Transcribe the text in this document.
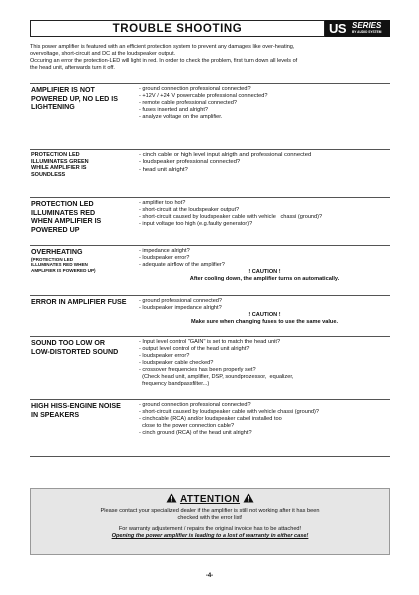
TROUBLE SHOOTING	US SERIES
BY AUDIO SYSTEM

This power amplifier is featured with an efficient protection system to prevent any damages like over-heating,

overvoltage, short-circuit and DC at the loudspeaker output.

Occuring an error the protection-LED will light in red. In order to check the problem, first turn down all levels of

the head unit, afterwards turn it off.

AMPLIFIER IS NOT
POWERED UP, NO LED IS
LIGHTENING
- ground connection professional connected?
- +12V / +24 V powercable professional connected?
- remote cable professional connected?
- fuses inserted and alright?
- analyze voltage on the amplifier.
PROTECTION LED
ILLUMINATES GREEN
WHILE AMPLIFIER IS
SOUNDLESS
- cinch cable or high level input alrigth and professional connected
- loudspeaker professional connected?
- head unit alright?
PROTECTION LED
ILLUMINATES RED
WHEN AMPLIFIER IS
POWERED UP
- amplifier too hot?
- short-circuit at the loudspeaker output?
- short-circuit caused by loudspeaker cable with vehicle   chassi (ground)?
- input voltage too high (e.g.faulty generator)?
OVERHEATING
(PROTECTION LED
ILLUMINATES RED WHEN
AMPLIFIER IS POWERED UP)
- impedance alright?
- loudspeaker error?
- adequate airflow of the amplifier?
! CAUTION !
After cooling down, the amplifier turns on automatically.
ERROR IN AMPLIFIER FUSE	- ground professional connected?
- loudspeaker impedance alright?
! CAUTION !
Make sure when changing fuses to use the same value.
SOUND TOO LOW OR
LOW-DISTORTED SOUND
- Input level control "GAIN" is set to match the head unit?
- output level control of the head unit alright?
- loudspeaker error?
- loudspeaker cable checked?
- crossover frequencies has been properly set?
(Check head unit, amplifier, DSP, soundprozessor,  equalizer,
frequency bandpassfilter...)
HIGH HISS-ENGINE NOISE
IN SPEAKERS
- ground connection professional connected?
- short-circuit caused by loudspeaker cable with vehicle chassi (ground)?
- cinchcable (RCA) and/or loudspeaker cabel installed too
close to the power connection cable?
- cinch ground (RCA) of the head unit alright?
ATTENTION
Please contact your specialized dealer if the amplifier is still not working after it has been
checked with the error list!
For warranty adjustement / repairs the original invoice has to be attached!
Opening the power amplifier is leading to a lost of warranty in either case!
-4-
